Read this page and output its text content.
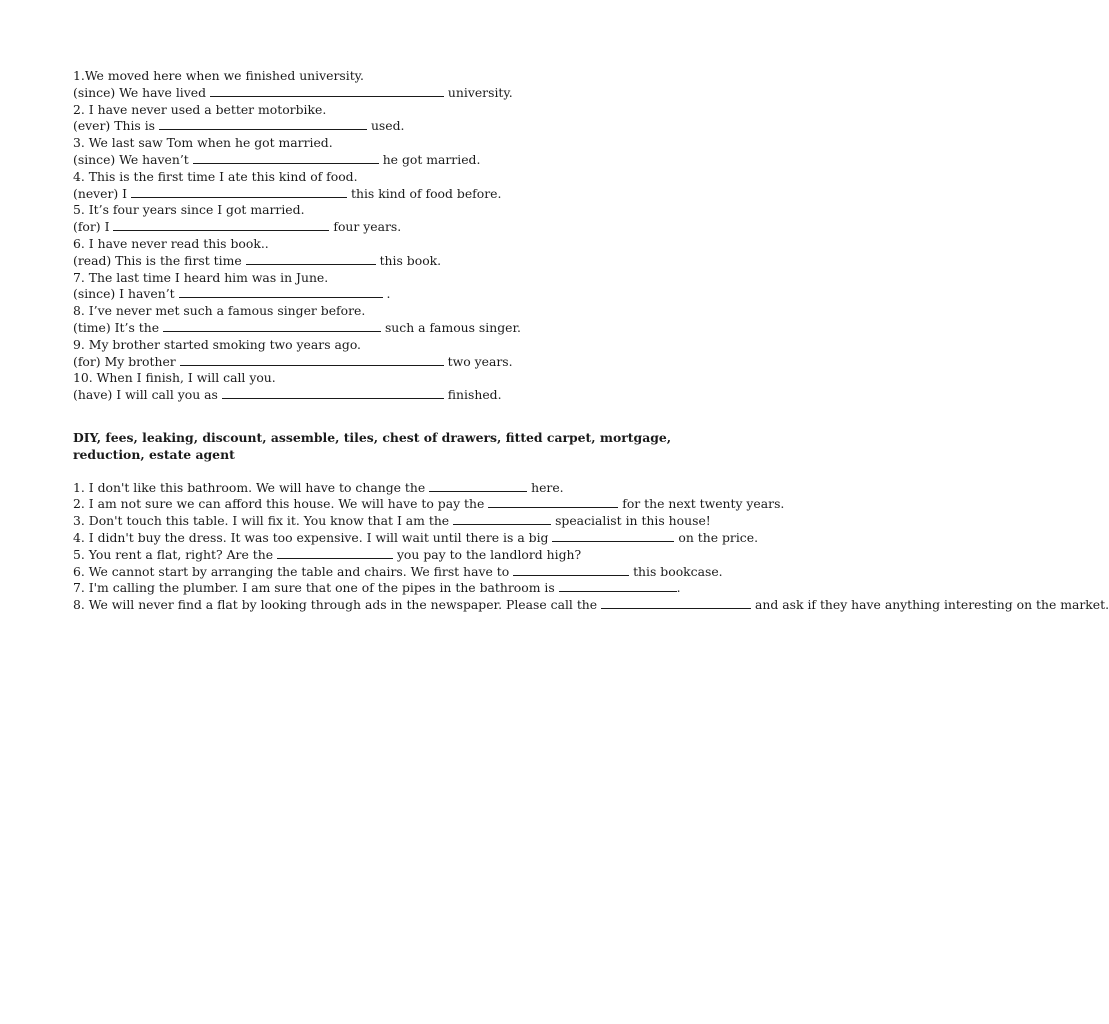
1.We moved here when we finished university.
(since) We have lived	university.
2. I have never used a better motorbike.
(ever) This is	used.
3. We last saw Tom when he got married.
(since) We haven’t	he got married.
4. This is the first time I ate this kind of food.
(never) I	this kind of food before.
5. It’s four years since I got married.
(for) I	four years.
6. I have never read this book..
(read) This is the first time	this book.
7. The last time I heard him was in June.
(since) I haven’t	.
8. I’ve never met such a famous singer before.
(time) It’s the	such a famous singer.
9. My brother started smoking two years ago.
(for) My brother	two years.
10. When I finish, I will call you.
(have) I will call you as	finished.
DIY, fees, leaking, discount, assemble, tiles, chest of drawers, fitted carpet, mortgage, reduction, estate agent
1. I don't like this bathroom. We will have to change the	here.
2. I am not sure we can afford this house. We will have to pay the	for the next twenty years.
3. Don't touch this table. I will fix it. You know that I am the	speacialist in this house!
4. I didn't buy the dress. It was too expensive. I will wait until there is a big	on the price.
5. You rent a flat, right? Are the	you pay to the landlord high?
6. We cannot start by arranging the table and chairs. We first have to	this bookcase.
7. I'm calling the plumber. I am sure that one of the pipes in the bathroom is	.
8. We will never find a flat by looking through ads in the newspaper. Please call the	and ask if they have anything interesting on the market.
